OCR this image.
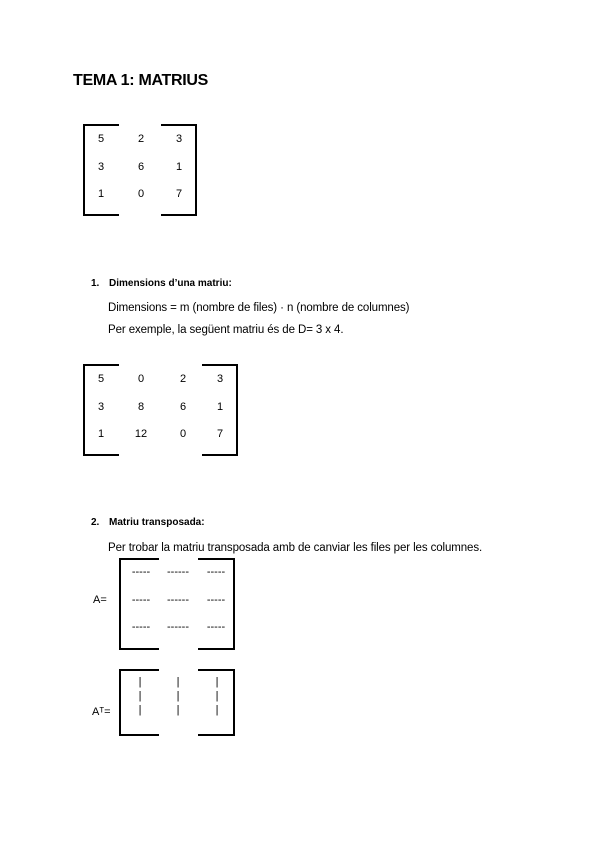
TEMA 1: MATRIUS
5	2	3
3	6	1
1	0	7
1. Dimensions d’una matriu:
Dimensions = m (nombre de files) · n (nombre de columnes)
Per exemple, la següent matriu és de D= 3 x 4.
5	0	2	3
3	8	6	1
1	12	0	7
2. Matriu transposada:
Per trobar la matriu transposada amb de canviar les files per les columnes.
A=
-----	------	-----
-----	------	-----
-----	------	-----
Aᵀ=
|	|	|
|	|	|
|	|	|
